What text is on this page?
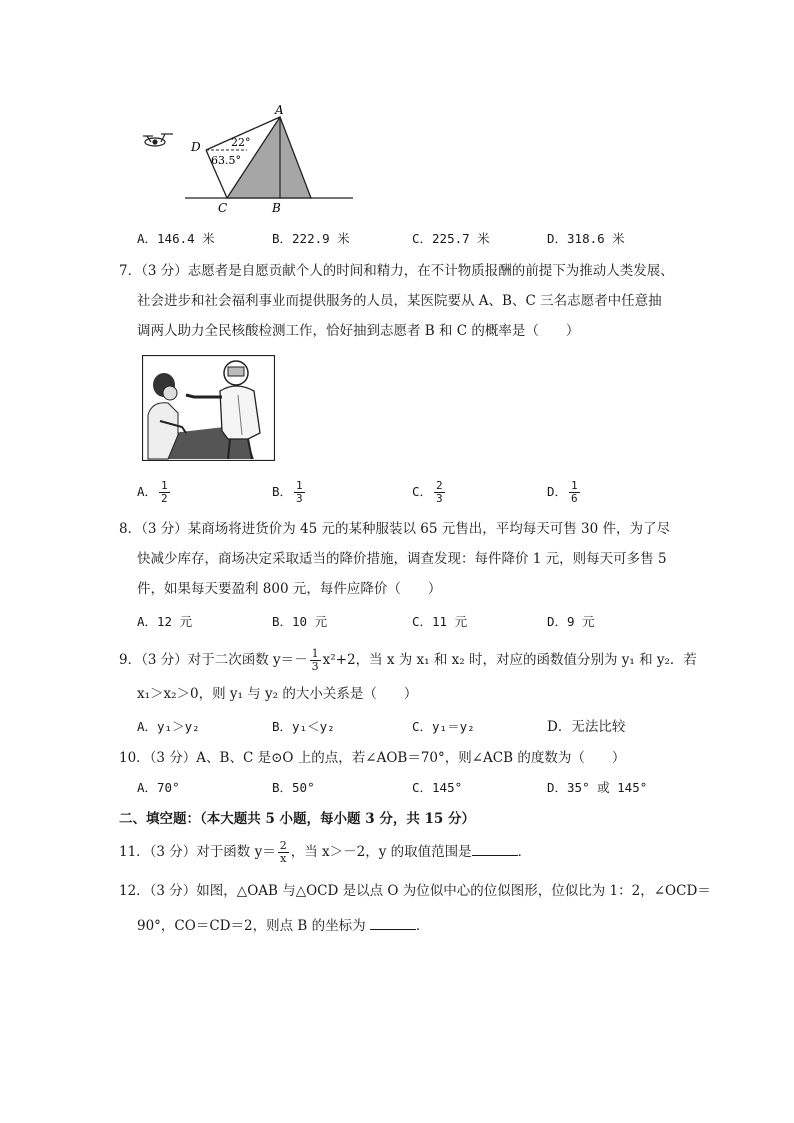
A
D
C	B
22°
63.5°
A．146.4 米	B．222.9 米	C．225.7 米	D．318.6 米
7．（3 分）志愿者是自愿贡献个人的时间和精力，在不计物质报酬的前提下为推动人类发展、
社会进步和社会福利事业而提供服务的人员，某医院要从 A、B、C 三名志愿者中任意抽
调两人助力全民核酸检测工作，恰好抽到志愿者 B 和 C 的概率是（　　）
A． $\frac{1}{2}$	B． $\frac{1}{3}$	C． $\frac{2}{3}$	D． $\frac{1}{6}$
8．（3 分）某商场将进货价为 45 元的某种服装以 65 元售出，平均每天可售 30 件，为了尽
快减少库存，商场决定采取适当的降价措施，调查发现：每件降价 1 元，则每天可多售 5
件，如果每天要盈利 800 元，每件应降价（　　）
A．12 元	B．10 元	C．11 元	D．9 元
9．（3 分）对于二次函数 $y=- \frac{1}{3} x^2+2$，当 x 为 x₁ 和 x₂ 时，对应的函数值分别为 y₁ 和 y₂．若
x₁＞x₂＞0，则 y₁ 与 y₂ 的大小关系是（　　）
A．y₁＞y₂	B．y₁＜y₂	C．y₁＝y₂	D．无法比较
10．（3 分）A、B、C 是⊙O 上的点，若∠AOB＝70°，则∠ACB 的度数为（　　）
A．70°	B．50°	C．145°	D．35° 或 145°
二、填空题：（本大题共 5 小题，每小题 3 分，共 15 分）
11．（3 分）对于函数 $y= \frac{2}{x}$ ，当 x＞－2，y 的取值范围是	．
12．（3 分）如图，△OAB 与△OCD 是以点 O 为位似中心的位似图形，位似比为 1：2，∠OCD＝
90°，CO＝CD＝2，则点 B 的坐标为	．
